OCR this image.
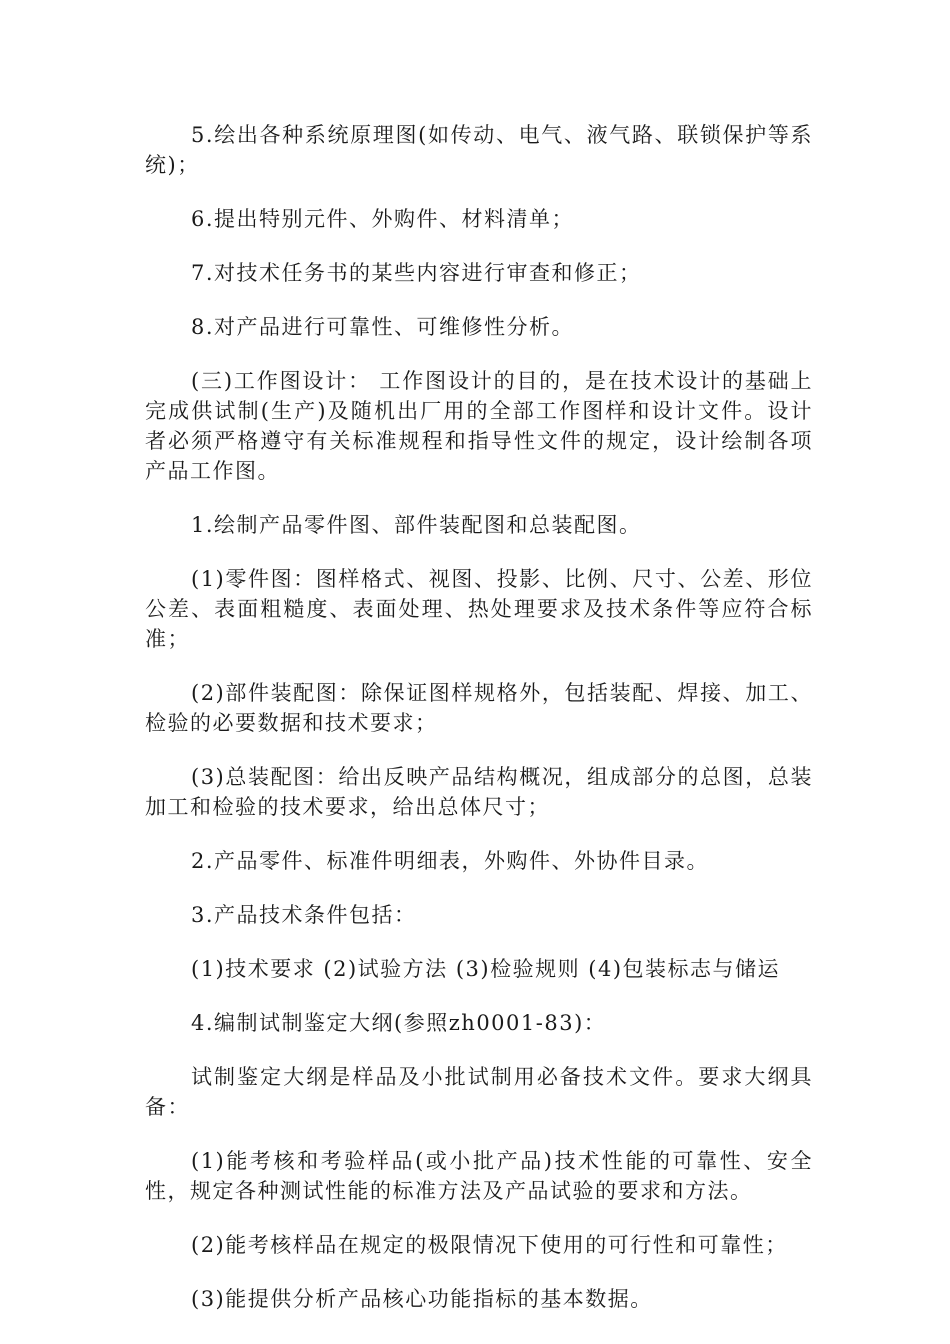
5.绘出各种系统原理图(如传动、电气、液气路、联锁保护等系统)；

6.提出特别元件、外购件、材料清单；

7.对技术任务书的某些内容进行审查和修正；

8.对产品进行可靠性、可维修性分析。

(三)工作图设计： 工作图设计的目的，是在技术设计的基础上完成供试制(生产)及随机出厂用的全部工作图样和设计文件。设计者必须严格遵守有关标准规程和指导性文件的规定，设计绘制各项产品工作图。

1.绘制产品零件图、部件装配图和总装配图。

(1)零件图：图样格式、视图、投影、比例、尺寸、公差、形位公差、表面粗糙度、表面处理、热处理要求及技术条件等应符合标准；

(2)部件装配图：除保证图样规格外，包括装配、焊接、加工、检验的必要数据和技术要求；

(3)总装配图：给出反映产品结构概况，组成部分的总图，总装加工和检验的技术要求，给出总体尺寸；

2.产品零件、标准件明细表，外购件、外协件目录。

3.产品技术条件包括：

(1)技术要求 (2)试验方法 (3)检验规则 (4)包装标志与储运

4.编制试制鉴定大纲(参照zh0001-83)：

试制鉴定大纲是样品及小批试制用必备技术文件。要求大纲具备：

(1)能考核和考验样品(或小批产品)技术性能的可靠性、安全性，规定各种测试性能的标准方法及产品试验的要求和方法。

(2)能考核样品在规定的极限情况下使用的可行性和可靠性；

(3)能提供分析产品核心功能指标的基本数据。
